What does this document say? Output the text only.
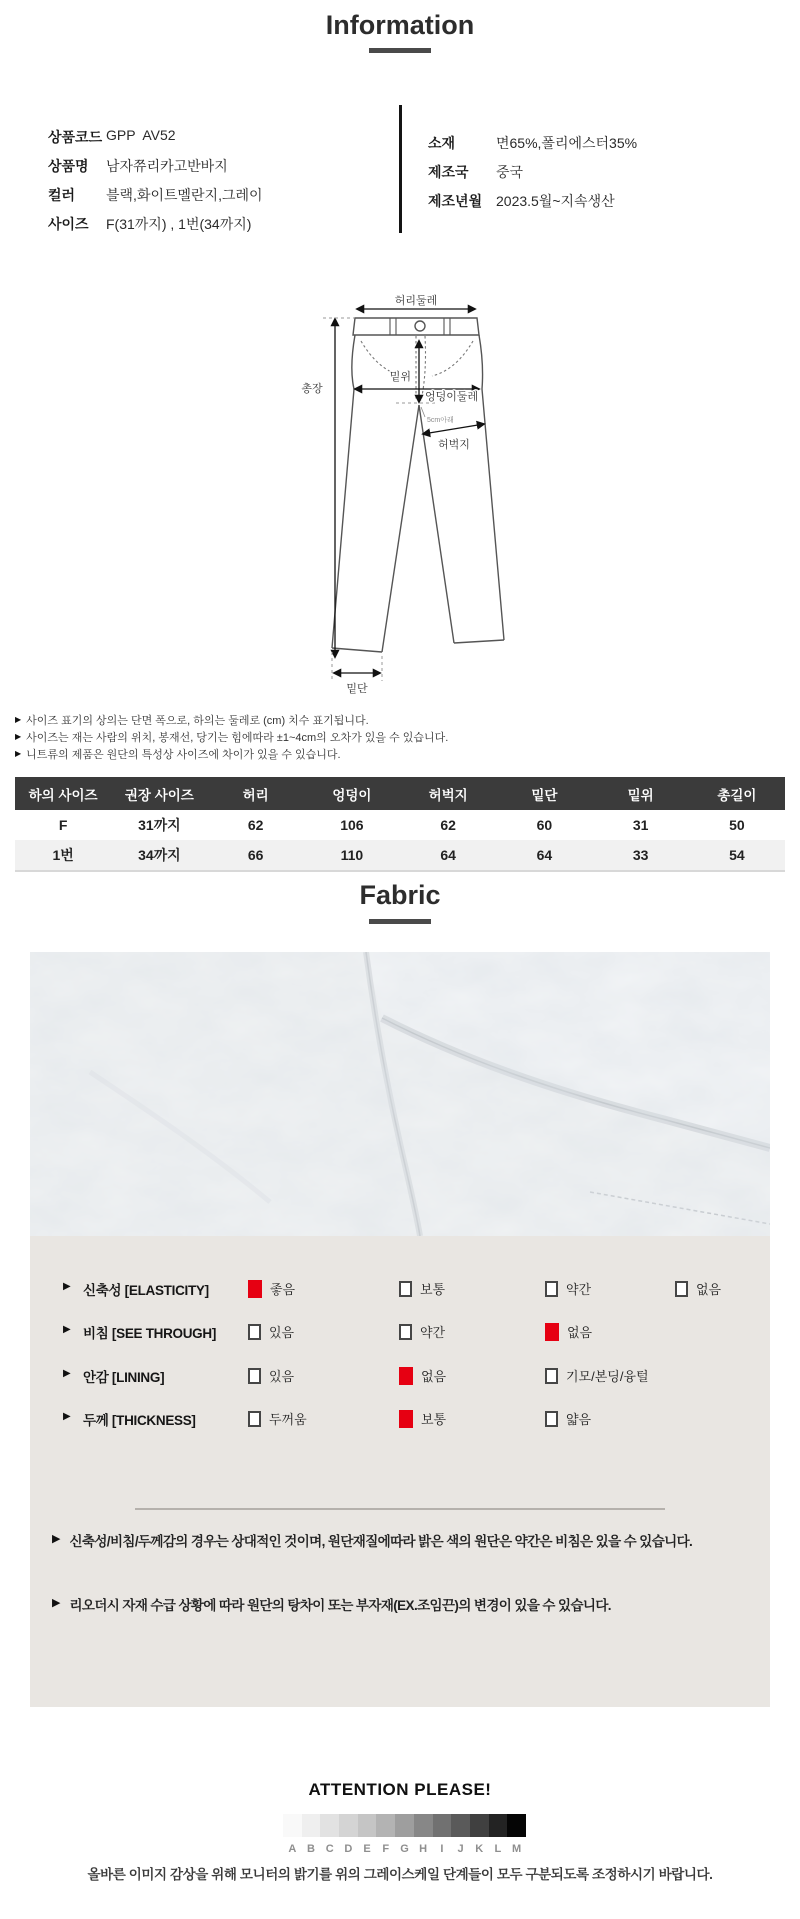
Information
상품코드 GPP  AV52
상품명	남자쮸리카고반바지
컬러	블랙,화이트멜란지,그레이
사이즈	F(31까지) , 1번(34까지)
소재	면65%,폴리에스터35%
제조국	중국
제조년월 2023.5월~지속생산
허리둘레
총장
밑위
엉덩이둘레
5cm아래
허벅지
밑단
▶ 사이즈 표기의 상의는 단면 폭으로, 하의는 둘레로 (cm) 치수 표기됩니다.
▶ 사이즈는 재는 사람의 위치, 봉재선, 당기는 힘에따라 ±1~4cm의 오차가 있을 수 있습니다.
▶ 니트류의 제품은 원단의 특성상 사이즈에 차이가 있을 수 있습니다.
하의 사이즈	권장 사이즈	허리	엉덩이	허벅지	밑단	밑위	총길이
F	31까지	62	106	62	60	31	50
1번	34까지	66	110	64	64	33	54
Fabric
▶ 신축성 [ELASTICITY]	좋음	보통	약간	없음
▶ 비침 [SEE THROUGH]	있음	약간	없음
▶ 안감 [LINING]	있음	없음	기모/본딩/융털
▶ 두께 [THICKNESS]	두꺼움	보통	얇음
▶ 신축성/비침/두께감의 경우는 상대적인 것이며, 원단재질에따라 밝은 색의 원단은 약간은 비침은 있을 수 있습니다.
▶ 리오더시 자재 수급 상황에 따라 원단의 탕차이 또는 부자재(EX.조임끈)의 변경이 있을 수 있습니다.
ATTENTION PLEASE!
A B C D	E	F	G H	I	J	K	L M
올바른 이미지 감상을 위해 모니터의 밝기를 위의 그레이스케일 단계들이 모두 구분되도록 조정하시기 바랍니다.
